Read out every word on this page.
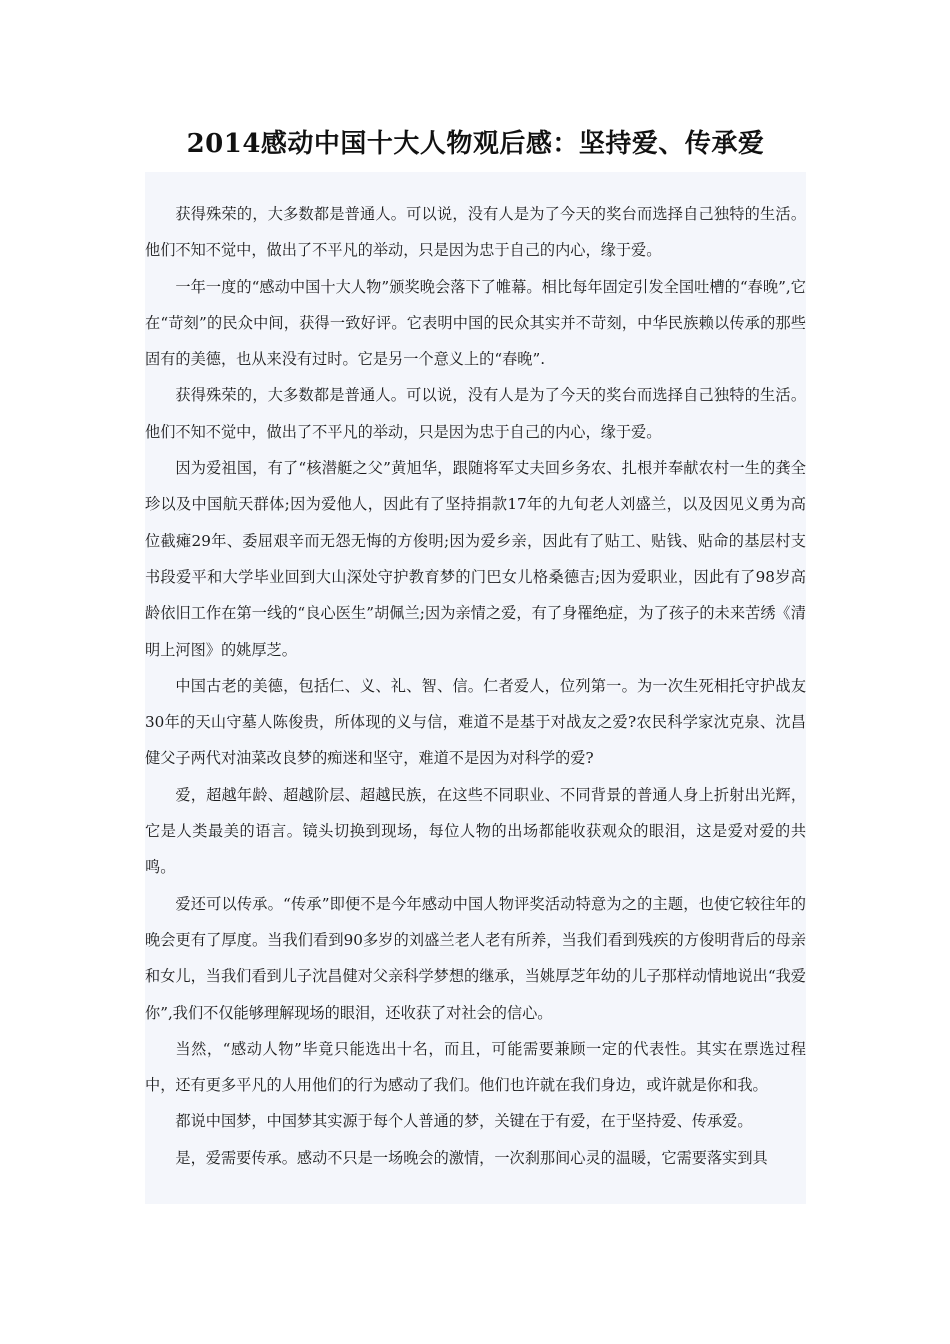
2014感动中国十大人物观后感：坚持爱、传承爱

获得殊荣的，大多数都是普通人。可以说，没有人是为了今天的奖台而选择自己独特的生活。他们不知不觉中，做出了不平凡的举动，只是因为忠于自己的内心，缘于爱。

一年一度的“感动中国十大人物”颁奖晚会落下了帷幕。相比每年固定引发全国吐槽的“春晚”,它在“苛刻”的民众中间，获得一致好评。它表明中国的民众其实并不苛刻，中华民族赖以传承的那些固有的美德，也从来没有过时。它是另一个意义上的“春晚”.

获得殊荣的，大多数都是普通人。可以说，没有人是为了今天的奖台而选择自己独特的生活。他们不知不觉中，做出了不平凡的举动，只是因为忠于自己的内心，缘于爱。

因为爱祖国，有了“核潜艇之父”黄旭华，跟随将军丈夫回乡务农、扎根并奉献农村一生的龚全珍以及中国航天群体;因为爱他人，因此有了坚持捐款17年的九旬老人刘盛兰，以及因见义勇为高位截瘫29年、委屈艰辛而无怨无悔的方俊明;因为爱乡亲，因此有了贴工、贴钱、贴命的基层村支书段爱平和大学毕业回到大山深处守护教育梦的门巴女儿格桑德吉;因为爱职业，因此有了98岁高龄依旧工作在第一线的“良心医生”胡佩兰;因为亲情之爱，有了身罹绝症，为了孩子的未来苦绣《清明上河图》的姚厚芝。

中国古老的美德，包括仁、义、礼、智、信。仁者爱人，位列第一。为一次生死相托守护战友30年的天山守墓人陈俊贵，所体现的义与信，难道不是基于对战友之爱?农民科学家沈克泉、沈昌健父子两代对油菜改良梦的痴迷和坚守，难道不是因为对科学的爱?

爱，超越年龄、超越阶层、超越民族，在这些不同职业、不同背景的普通人身上折射出光辉，它是人类最美的语言。镜头切换到现场，每位人物的出场都能收获观众的眼泪，这是爱对爱的共鸣。

爱还可以传承。“传承”即便不是今年感动中国人物评奖活动特意为之的主题，也使它较往年的晚会更有了厚度。当我们看到90多岁的刘盛兰老人老有所养，当我们看到残疾的方俊明背后的母亲和女儿，当我们看到儿子沈昌健对父亲科学梦想的继承，当姚厚芝年幼的儿子那样动情地说出“我爱你”,我们不仅能够理解现场的眼泪，还收获了对社会的信心。

当然，“感动人物”毕竟只能选出十名，而且，可能需要兼顾一定的代表性。其实在票选过程中，还有更多平凡的人用他们的行为感动了我们。他们也许就在我们身边，或许就是你和我。

都说中国梦，中国梦其实源于每个人普通的梦，关键在于有爱，在于坚持爱、传承爱。

是，爱需要传承。感动不只是一场晚会的激情，一次刹那间心灵的温暖，它需要落实到具
